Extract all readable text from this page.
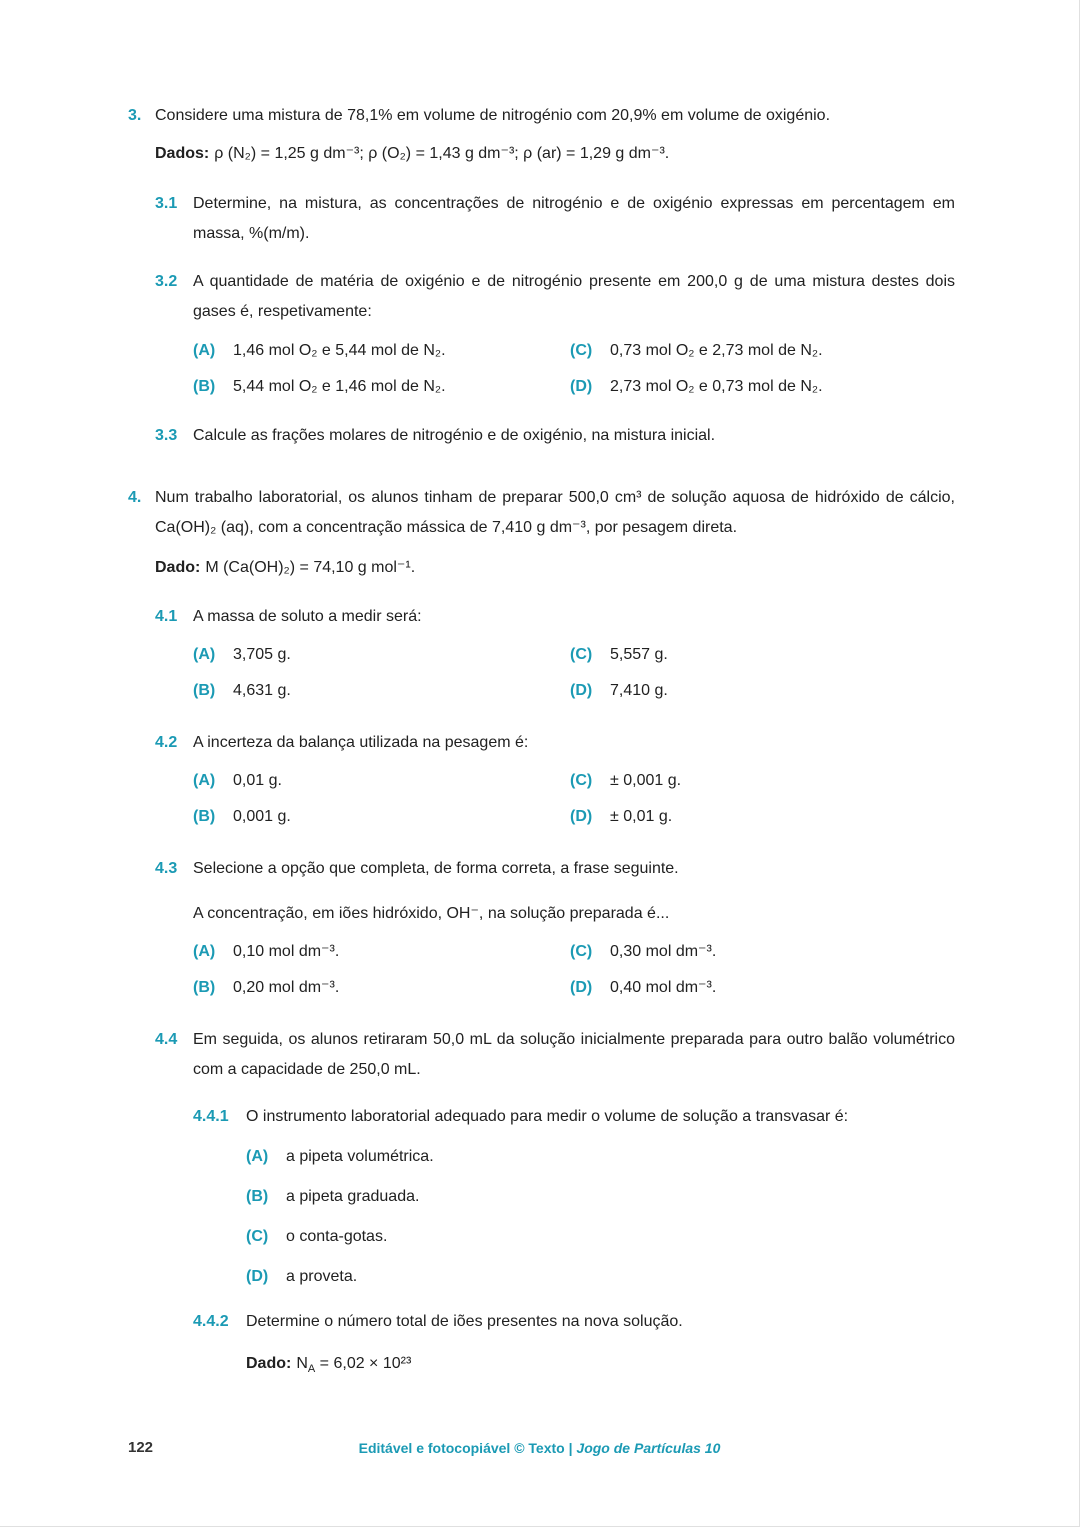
3. Considere uma mistura de 78,1% em volume de nitrogénio com 20,9% em volume de oxigénio.

Dados: ρ (N₂) = 1,25 g dm⁻³; ρ (O₂) = 1,43 g dm⁻³; ρ (ar) = 1,29 g dm⁻³.

3.1 Determine, na mistura, as concentrações de nitrogénio e de oxigénio expressas em percentagem em massa, %(m/m).

3.2 A quantidade de matéria de oxigénio e de nitrogénio presente em 200,0 g de uma mistura destes dois gases é, respetivamente:

(A)	1,46 mol O₂ e 5,44 mol de N₂.	(C)	0,73 mol O₂ e 2,73 mol de N₂.
(B)	5,44 mol O₂ e 1,46 mol de N₂.	(D)	2,73 mol O₂ e 0,73 mol de N₂.
3.3 Calcule as frações molares de nitrogénio e de oxigénio, na mistura inicial.

4. Num trabalho laboratorial, os alunos tinham de preparar 500,0 cm³ de solução aquosa de hidróxido de cálcio, Ca(OH)₂ (aq), com a concentração mássica de 7,410 g dm⁻³, por pesagem direta.

Dado: M (Ca(OH)₂) = 74,10 g mol⁻¹.

4.1 A massa de soluto a medir será:

(A)	3,705 g.	(C)	5,557 g.
(B)	4,631 g.	(D)	7,410 g.
4.2 A incerteza da balança utilizada na pesagem é:

(A)	0,01 g.	(C)	± 0,001 g.
(B)	0,001 g.	(D)	± 0,01 g.
4.3 Selecione a opção que completa, de forma correta, a frase seguinte.

A concentração, em iões hidróxido, OH⁻, na solução preparada é...

(A)	0,10 mol dm⁻³.	(C)	0,30 mol dm⁻³.
(B)	0,20 mol dm⁻³.	(D)	0,40 mol dm⁻³.
4.4 Em seguida, os alunos retiraram 50,0 mL da solução inicialmente preparada para outro balão volumétrico com a capacidade de 250,0 mL.

4.4.1	O instrumento laboratorial adequado para medir o volume de solução a transvasar é:

(A)	a pipeta volumétrica.
(B)	a pipeta graduada.
(C)	o conta-gotas.
(D)	a proveta.
4.4.2	Determine o número total de iões presentes na nova solução.

Dado: $N_A = 6,02 \times 10^{23}$

122	Editável e fotocopiável © Texto | Jogo de Partículas 10
